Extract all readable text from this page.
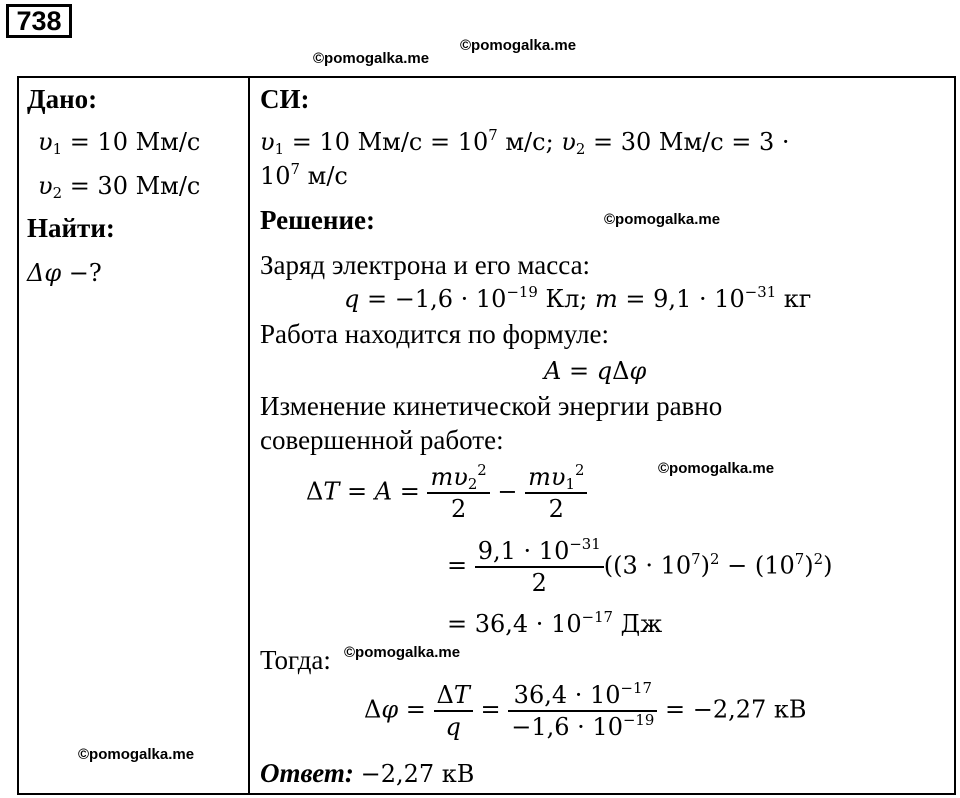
738
©pomogalka.me
©pomogalka.me
©pomogalka.me
©pomogalka.me
©pomogalka.me
©pomogalka.me
Дано:
$\upsilon_1 = 10$ Мм/с
$\upsilon_2 = 30$ Мм/с
Найти:
Δφ −?
СИ:
$\upsilon_1 = 10$ $Мм/с = 10^7$ м/с; $\upsilon_2 = 30$ Мм/с = 3 ·
$10^7$ м/с
Решение:
Заряд электрона и его масса:
$q = -1,6 \cdot 10^{-19}$ Кл; $m = 9,1 \cdot 10^{-31}$ кг
Работа находится по формуле:
A = qΔφ
Изменение кинетической энергии равно
совершенной работе:
$\Delta T = A = \frac{m\upsilon_2^2}{2} - \frac{m\upsilon_1^2}{2}$
= $\frac{9,1 \cdot 10^{-31}}{2} ((3 \cdot 10^7)^2 - (10^7)^2)$
= $36,4 \cdot 10^{-17}$ Дж
Тогда:
$\Delta\varphi = \frac{\Delta T}{q} = \frac{36,4 \cdot 10^{-17}}{-1,6 \cdot 10^{-19}} = -2,27$ кВ
Ответ: −2,27 кВ
